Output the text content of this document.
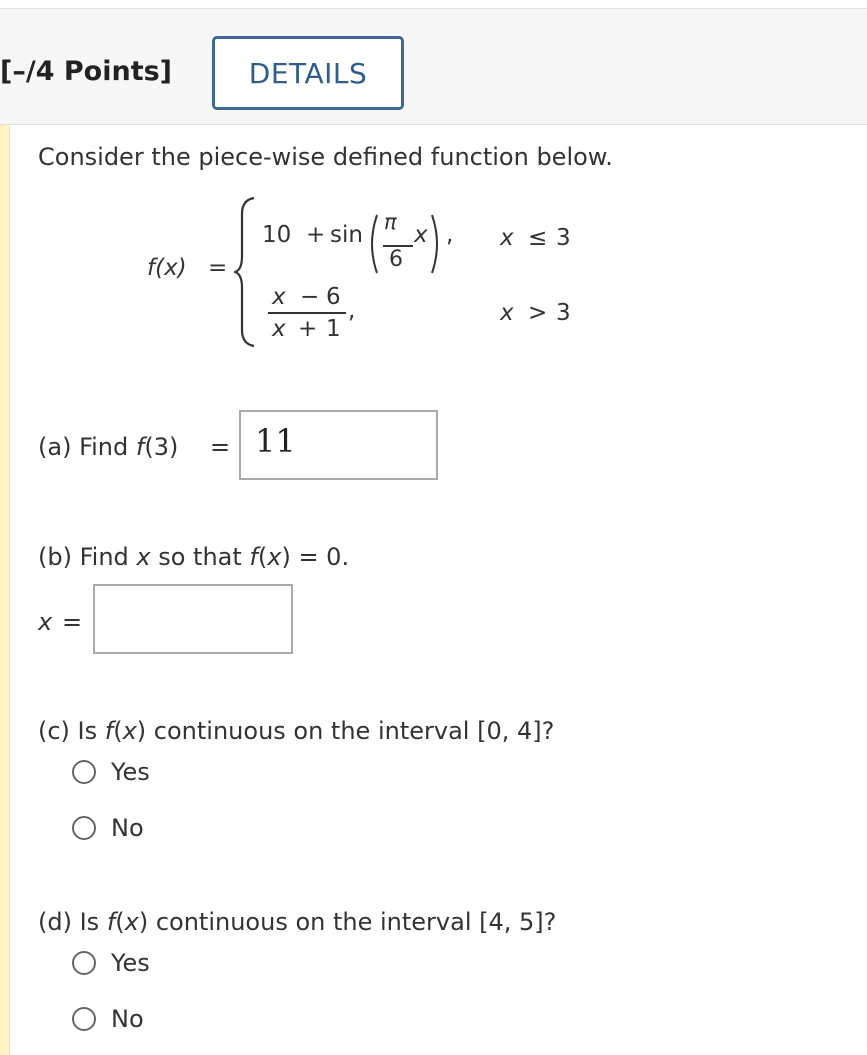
[–/4 Points]	DETAILS
Consider the piece-wise defined function below.
f(x) =
10 + sin π
6
x , x ≤ 3
x − 6
x + 1
,	x > 3
(a) Find f(3) = 11
(b) Find x so that f(x) = 0.
x =
(c) Is f(x) continuous on the interval [0, 4]?
Yes
No
(d) Is f(x) continuous on the interval [4, 5]?
Yes
No
